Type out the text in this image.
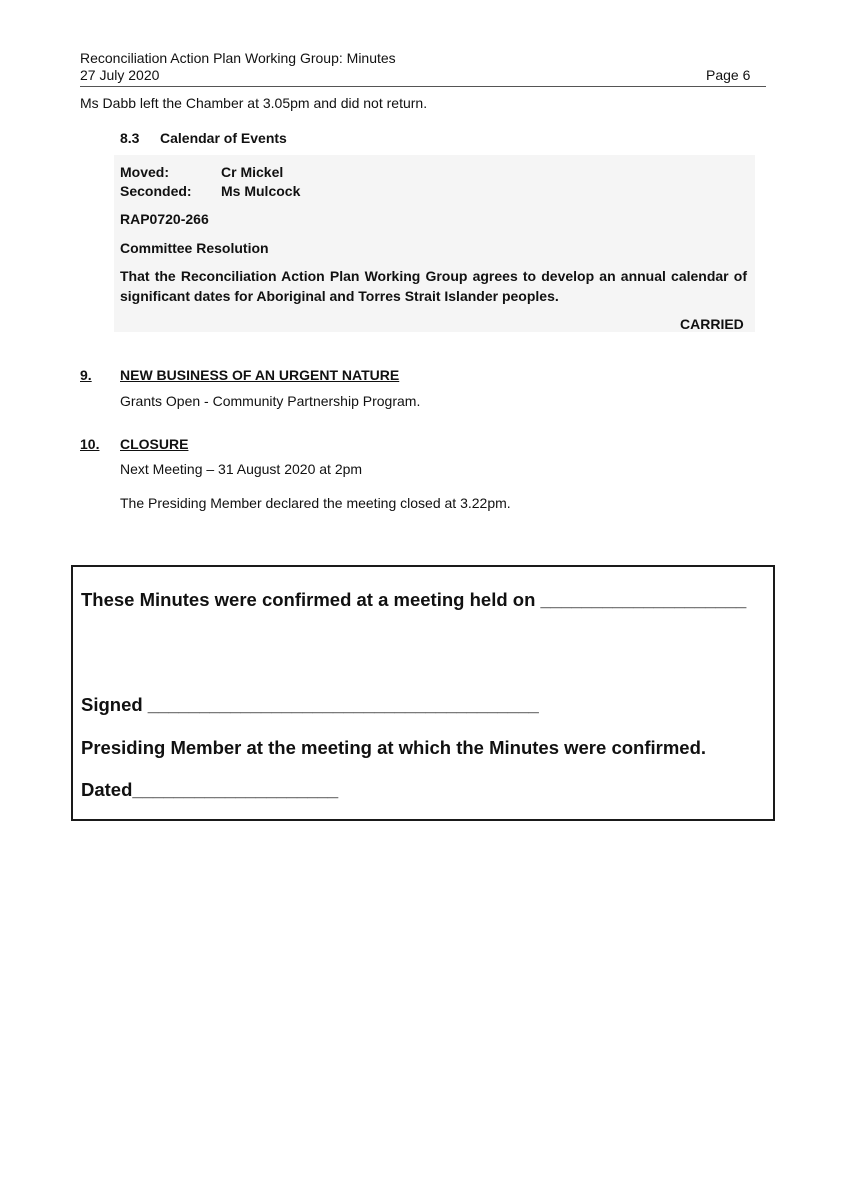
Reconciliation Action Plan Working Group: Minutes
27 July 2020	Page 6
Ms Dabb left the Chamber at 3.05pm and did not return.
8.3 Calendar of Events
Moved:	Cr Mickel
Seconded: Ms Mulcock
RAP0720-266
Committee Resolution
That the Reconciliation Action Plan Working Group agrees to develop an annual calendar of significant dates for Aboriginal and Torres Strait Islander peoples.
CARRIED
9. NEW BUSINESS OF AN URGENT NATURE
Grants Open - Community Partnership Program.
10. CLOSURE
Next Meeting – 31 August 2020 at 2pm
The Presiding Member declared the meeting closed at 3.22pm.
These Minutes were confirmed at a meeting held on ____________________
Signed ______________________________________
Presiding Member at the meeting at which the Minutes were confirmed.
Dated____________________
